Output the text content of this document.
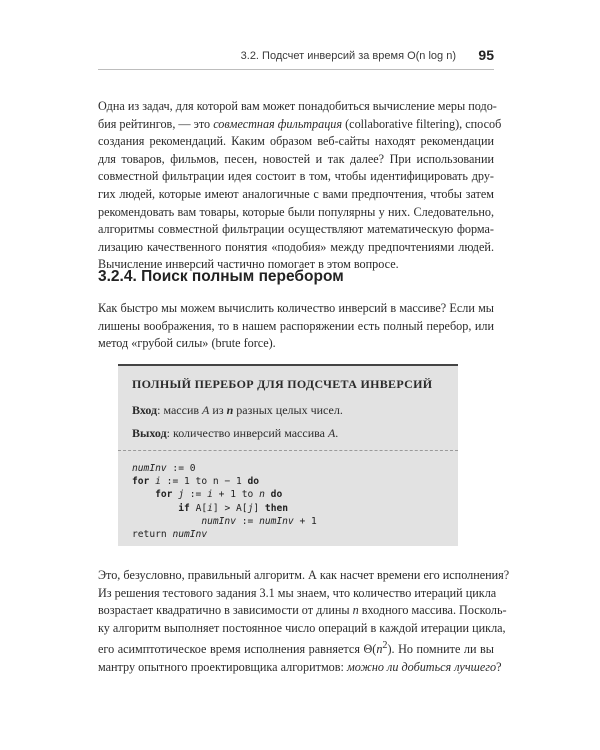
3.2. Подсчет инверсий за время O(n log n) 95
Одна из задач, для которой вам может понадобиться вычисление меры подо-
бия рейтингов, — это совместная фильтрация (collaborative filtering), способ
создания рекомендаций. Каким образом веб-сайты находят рекомендации
для товаров, фильмов, песен, новостей и так далее? При использовании
совместной фильтрации идея состоит в том, чтобы идентифицировать дру-
гих людей, которые имеют аналогичные с вами предпочтения, чтобы затем
рекомендовать вам товары, которые были популярны у них. Следовательно,
алгоритмы совместной фильтрации осуществляют математическую форма-
лизацию качественного понятия «подобия» между предпочтениями людей.
Вычисление инверсий частично помогает в этом вопросе.
3.2.4. Поиск полным перебором
Как быстро мы можем вычислить количество инверсий в массиве? Если мы
лишены воображения, то в нашем распоряжении есть полный перебор, или
метод «грубой силы» (brute force).
ПОЛНЫЙ ПЕРЕБОР ДЛЯ ПОДСЧЕТА ИНВЕРСИЙ
Вход: массив A из n разных целых чисел.
Выход: количество инверсий массива A.
numInv := 0
for i := 1 to n − 1 do
for j := i + 1 to n do
if A[i] > A[j] then
numInv := numInv + 1
return numInv
Это, безусловно, правильный алгоритм. А как насчет времени его исполнения?
Из решения тестового задания 3.1 мы знаем, что количество итераций цикла
возрастает квадратично в зависимости от длины n входного массива. Посколь-
ку алгоритм выполняет постоянное число операций в каждой итерации цикла,
его асимптотическое время исполнения равняется $\Theta(n^2)$. Но помните ли вы
мантру опытного проектировщика алгоритмов: можно ли добиться лучшего?
